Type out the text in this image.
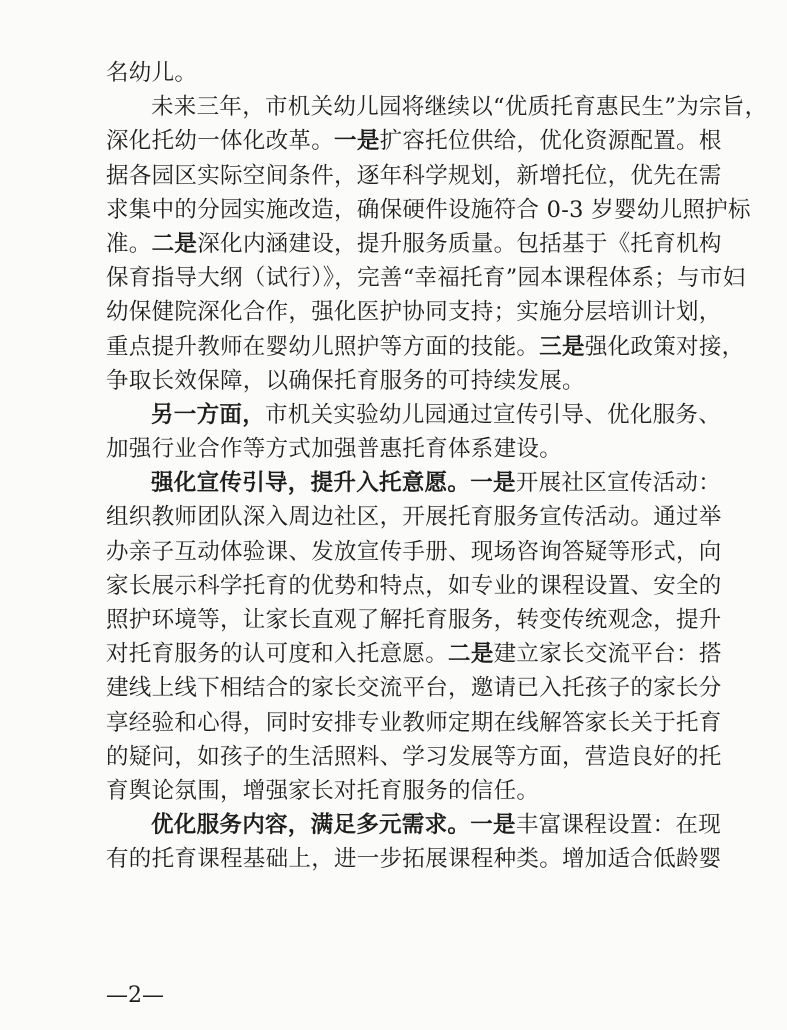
名幼儿。
未来三年，市机关幼儿园将继续以“优质托育惠民生”为宗旨，
深化托幼一体化改革。一是扩容托位供给，优化资源配置。根
据各园区实际空间条件，逐年科学规划，新增托位，优先在需
求集中的分园实施改造，确保硬件设施符合 0-3 岁婴幼儿照护标
准。二是深化内涵建设，提升服务质量。包括基于《托育机构
保育指导大纲（试行）》，完善“幸福托育”园本课程体系；与市妇
幼保健院深化合作，强化医护协同支持；实施分层培训计划，
重点提升教师在婴幼儿照护等方面的技能。三是强化政策对接，
争取长效保障，以确保托育服务的可持续发展。
另一方面，市机关实验幼儿园通过宣传引导、优化服务、
加强行业合作等方式加强普惠托育体系建设。
强化宣传引导，提升入托意愿。一是开展社区宣传活动：
组织教师团队深入周边社区，开展托育服务宣传活动。通过举
办亲子互动体验课、发放宣传手册、现场咨询答疑等形式，向
家长展示科学托育的优势和特点，如专业的课程设置、安全的
照护环境等，让家长直观了解托育服务，转变传统观念，提升
对托育服务的认可度和入托意愿。二是建立家长交流平台：搭
建线上线下相结合的家长交流平台，邀请已入托孩子的家长分
享经验和心得，同时安排专业教师定期在线解答家长关于托育
的疑问，如孩子的生活照料、学习发展等方面，营造良好的托
育舆论氛围，增强家长对托育服务的信任。
优化服务内容，满足多元需求。一是丰富课程设置：在现
有的托育课程基础上，进一步拓展课程种类。增加适合低龄婴
—2—
